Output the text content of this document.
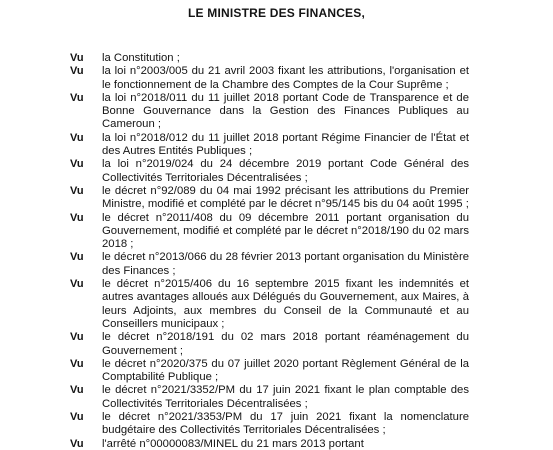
LE MINISTRE DES FINANCES,
Vu	la Constitution ;
Vu	la loi n°2003/005 du 21 avril 2003 fixant les attributions, l'organisation et le fonctionnement de la Chambre des Comptes de la Cour Suprême ;
Vu	la loi n°2018/011 du 11 juillet 2018 portant Code de Transparence et de Bonne Gouvernance dans la Gestion des Finances Publiques au Cameroun ;
Vu	la loi n°2018/012 du 11 juillet 2018 portant Régime Financier de l'État et des Autres Entités Publiques ;
Vu	la loi n°2019/024 du 24 décembre 2019 portant Code Général des Collectivités Territoriales Décentralisées ;
Vu	le décret n°92/089 du 04 mai 1992 précisant les attributions du Premier Ministre, modifié et complété par le décret n°95/145 bis du 04 août 1995 ;
Vu	le décret n°2011/408 du 09 décembre 2011 portant organisation du Gouvernement, modifié et complété par le décret n°2018/190 du 02 mars 2018 ;
Vu	le décret n°2013/066 du 28 février 2013 portant organisation du Ministère des Finances ;
Vu	le décret n°2015/406 du 16 septembre 2015 fixant les indemnités et autres avantages alloués aux Délégués du Gouvernement, aux Maires, à leurs Adjoints, aux membres du Conseil de la Communauté et au Conseillers municipaux ;
Vu	le décret n°2018/191 du 02 mars 2018 portant réaménagement du Gouvernement ;
Vu	le décret n°2020/375 du 07 juillet 2020 portant Règlement Général de la Comptabilité Publique ;
Vu	le décret n°2021/3352/PM du 17 juin 2021 fixant le plan comptable des Collectivités Territoriales Décentralisées ;
Vu	le décret n°2021/3353/PM du 17 juin 2021 fixant la nomenclature budgétaire des Collectivités Territoriales Décentralisées ;
Vu	l'arrêté n°00000083/MINEL du 21 mars 2013 portant
